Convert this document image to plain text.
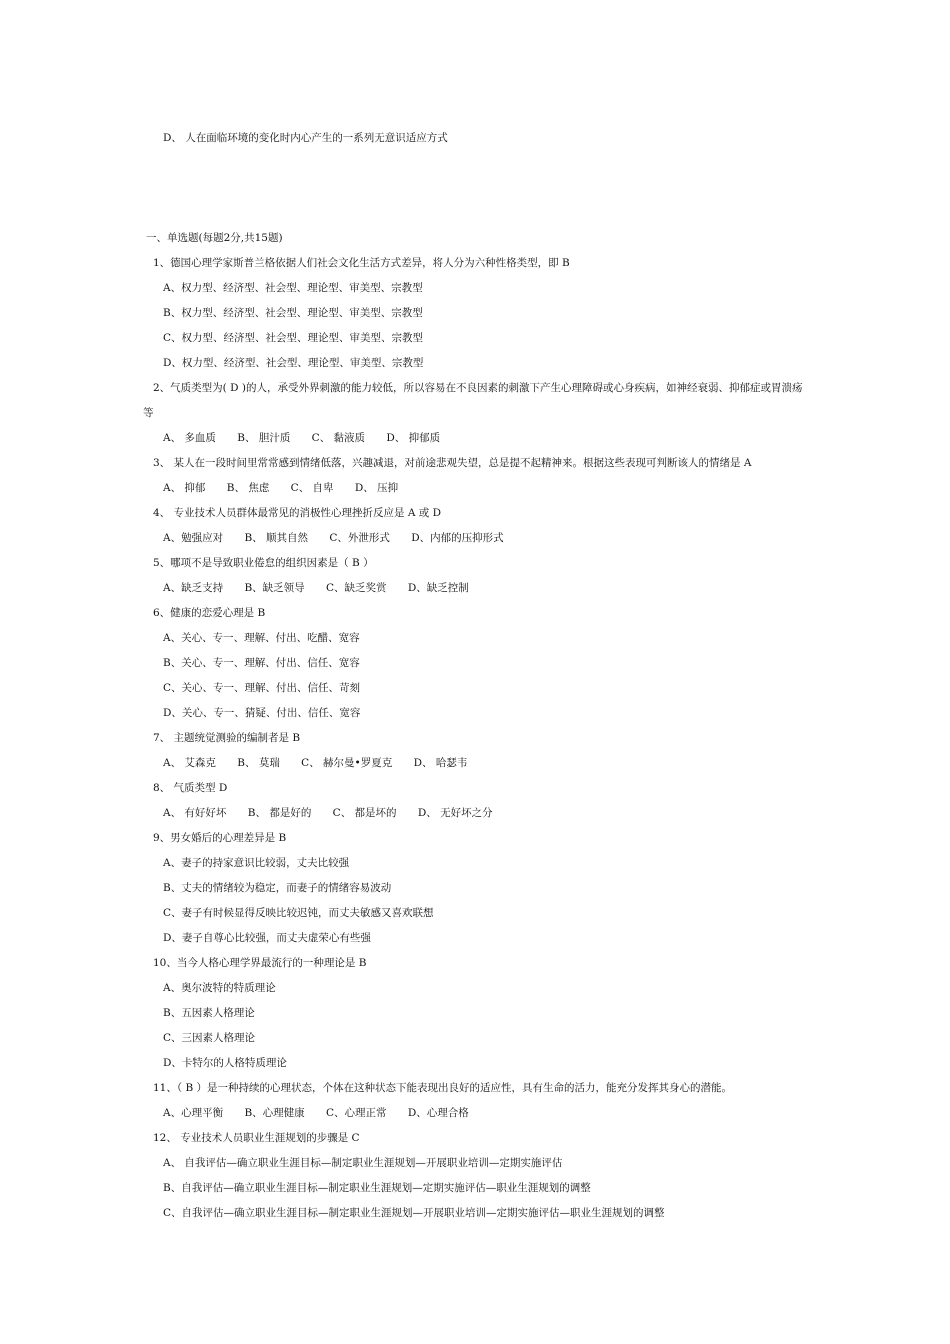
D、 人在面临环境的变化时内心产生的一系列无意识适应方式
一、单选题(每题2分,共15题)
1、德国心理学家斯普兰格依据人们社会文化生活方式差异，将人分为六种性格类型，即 B
A、权力型、经济型、社会型、理论型、审美型、宗教型
B、权力型、经济型、社会型、理论型、审美型、宗教型
C、权力型、经济型、社会型、理论型、审美型、宗教型
D、权力型、经济型、社会型、理论型、审美型、宗教型
2、气质类型为( D )的人，承受外界刺激的能力较低，所以容易在不良因素的刺激下产生心理障碍或心身疾病，如神经衰弱、抑郁症或胃溃疡
等
A、 多血质 B、 胆汁质 C、 黏液质 D、 抑郁质
3、 某人在一段时间里常常感到情绪低落，兴趣减退，对前途悲观失望，总是提不起精神来。根据这些表现可判断该人的情绪是 A
A、 抑郁 B、 焦虑 C、 自卑 D、 压抑
4、 专业技术人员群体最常见的消极性心理挫折反应是 A 或 D
A、勉强应对 B、 顺其自然 C、外泄形式 D、内郁的压抑形式
5、哪项不是导致职业倦怠的组织因素是（ B ）
A、缺乏支持 B、缺乏领导 C、缺乏奖赏 D、缺乏控制
6、健康的恋爱心理是 B
A、关心、专一、理解、付出、吃醋、宽容
B、关心、专一、理解、付出、信任、宽容
C、关心、专一、理解、付出、信任、苛刻
D、关心、专一、猜疑、付出、信任、宽容
7、 主题统觉测验的编制者是 B
A、 艾森克 B、 莫瑞 C、 赫尔曼•罗夏克 D、 哈瑟韦
8、 气质类型 D
A、 有好好坏 B、 都是好的 C、 都是坏的 D、 无好坏之分
9、男女婚后的心理差异是 B
A、妻子的持家意识比较弱，丈夫比较强
B、丈夫的情绪较为稳定，而妻子的情绪容易波动
C、妻子有时候显得反映比较迟钝，而丈夫敏感又喜欢联想
D、妻子自尊心比较强，而丈夫虚荣心有些强
10、当今人格心理学界最流行的一种理论是 B
A、奥尔波特的特质理论
B、五因素人格理论
C、三因素人格理论
D、卡特尔的人格特质理论
11、（ B ）是一种持续的心理状态，个体在这种状态下能表现出良好的适应性，具有生命的活力，能充分发挥其身心的潜能。
A、心理平衡 B、心理健康 C、心理正常 D、心理合格
12、 专业技术人员职业生涯规划的步骤是 C
A、 自我评估—确立职业生涯目标—制定职业生涯规划—开展职业培训—定期实施评估
B、自我评估—确立职业生涯目标—制定职业生涯规划—定期实施评估—职业生涯规划的调整
C、自我评估—确立职业生涯目标—制定职业生涯规划—开展职业培训—定期实施评估—职业生涯规划的调整
